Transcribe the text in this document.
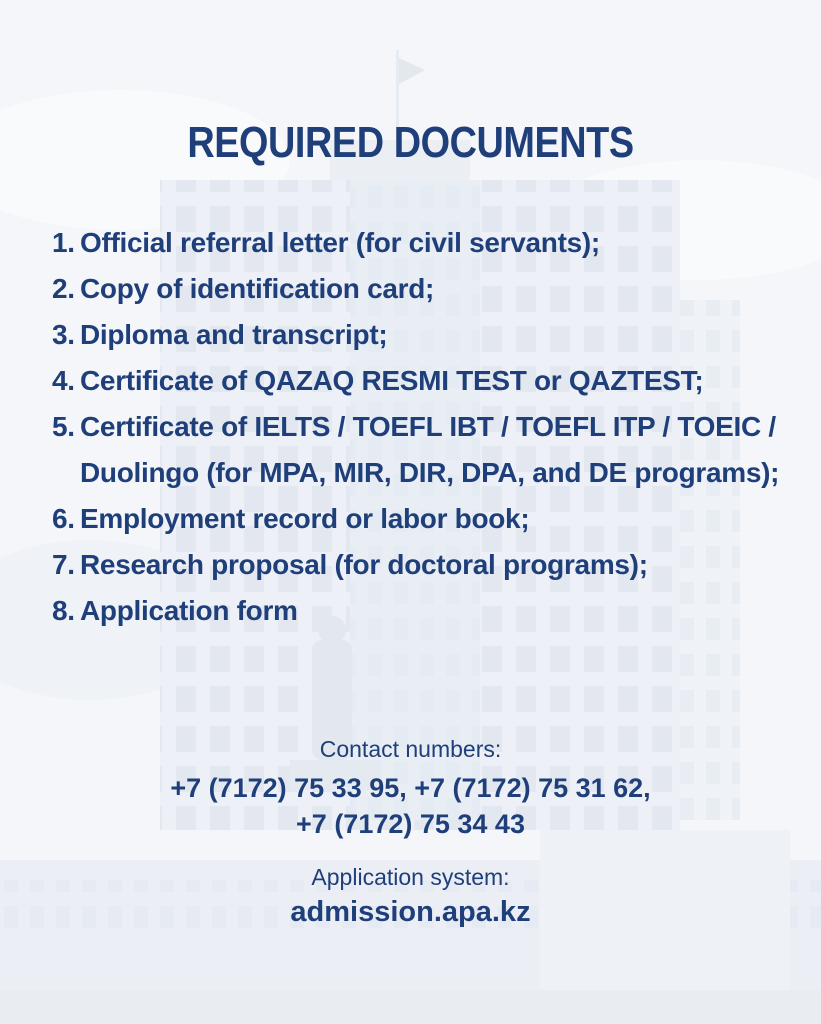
REQUIRED DOCUMENTS
1. Official referral letter (for civil servants);
2. Copy of identification card;
3. Diploma and transcript;
4. Certificate of QAZAQ RESMI TEST or QAZTEST;
5. Certificate of IELTS / TOEFL IBT / TOEFL ITP / TOEIC / Duolingo (for MPA, MIR, DIR, DPA, and DE programs);
6. Employment record or labor book;
7. Research proposal (for doctoral programs);
8. Application form
Contact numbers:
+7 (7172) 75 33 95, +7 (7172) 75 31 62,
+7 (7172) 75 34 43
Application system:
admission.apa.kz
